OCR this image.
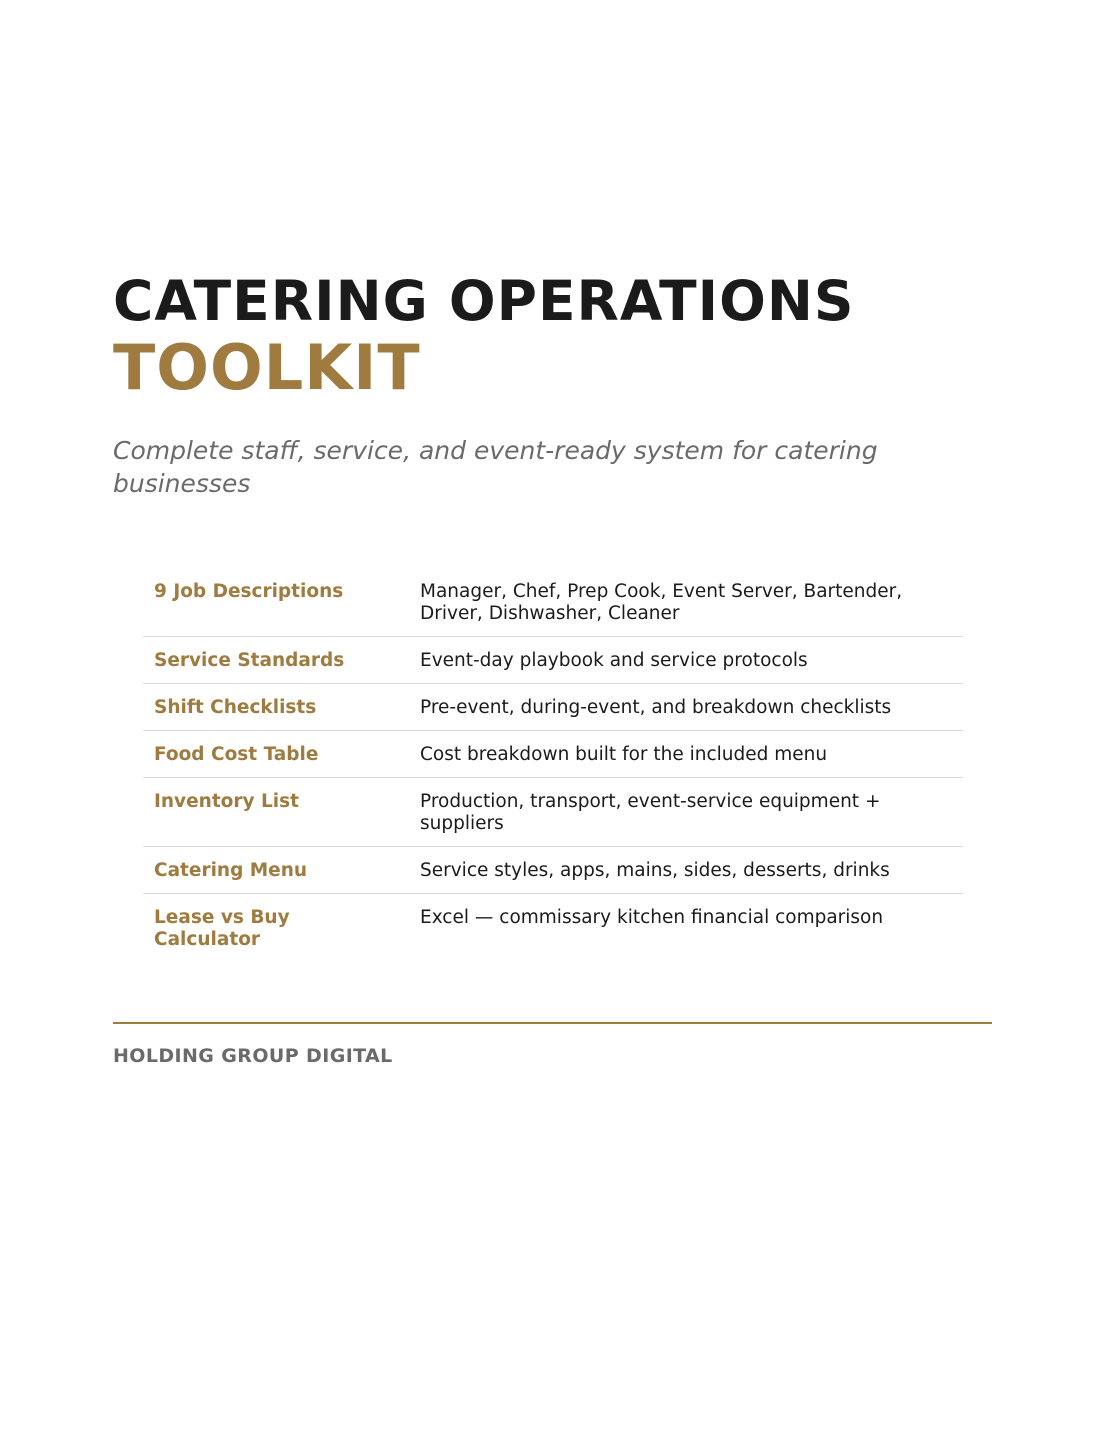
CATERING OPERATIONS
TOOLKIT

Complete staff, service, and event-ready system for catering businesses

9 Job Descriptions	Manager, Chef, Prep Cook, Event Server, Bartender, Driver, Dishwasher, Cleaner
Service Standards	Event-day playbook and service protocols
Shift Checklists	Pre-event, during-event, and breakdown checklists
Food Cost Table	Cost breakdown built for the included menu
Inventory List	Production, transport, event-service equipment + suppliers
Catering Menu	Service styles, apps, mains, sides, desserts, drinks
Lease vs Buy Calculator	Excel — commissary kitchen financial comparison
HOLDING GROUP DIGITAL
